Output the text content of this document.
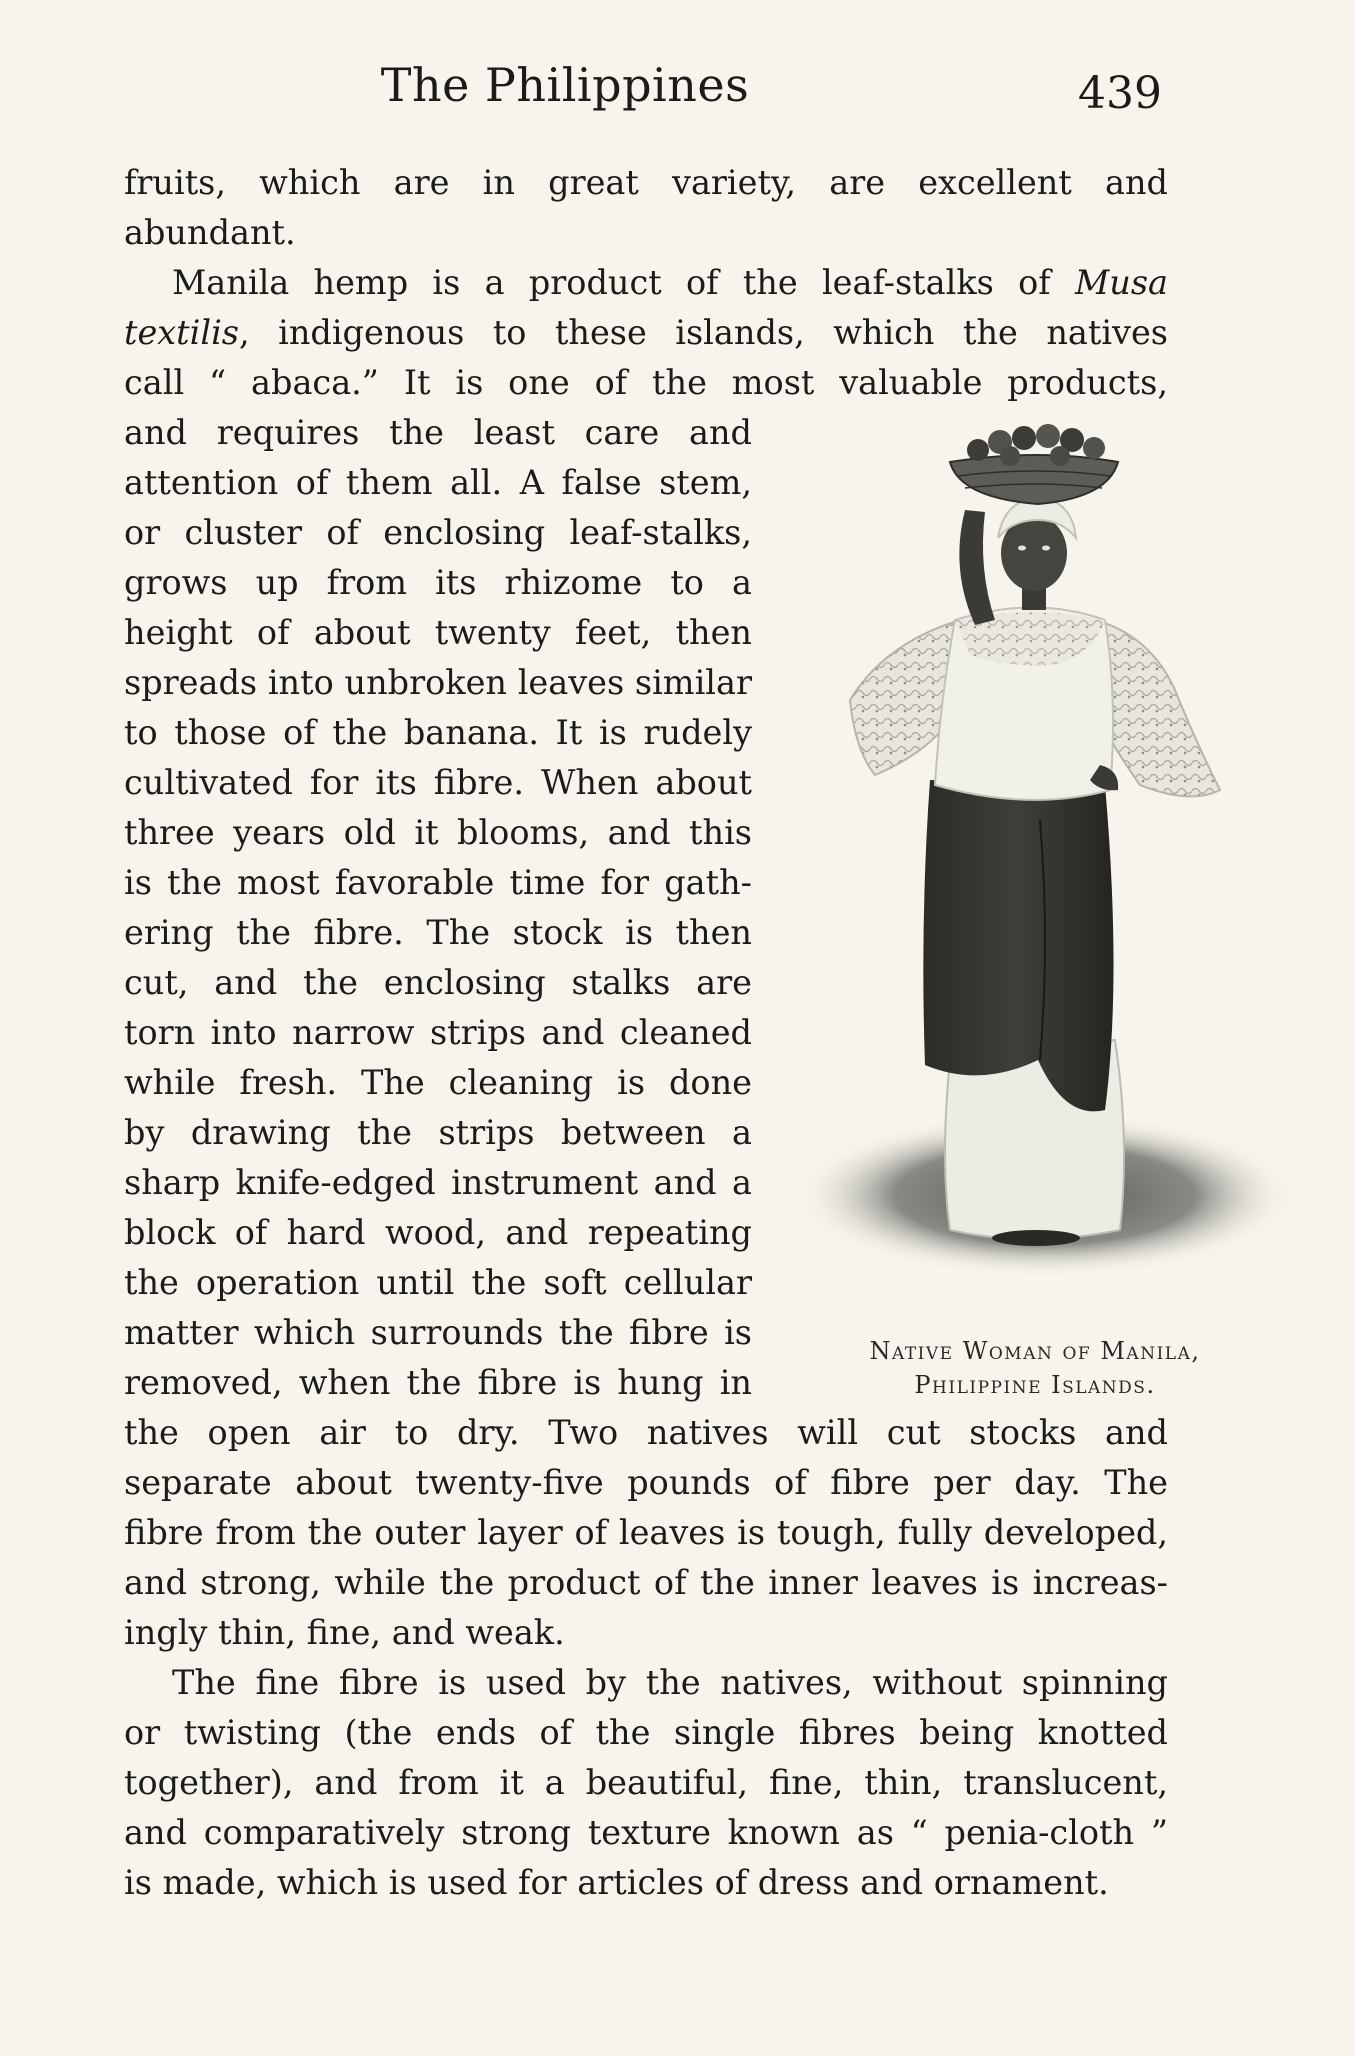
The Philippines	439
fruits, which are in great variety, are excellent and
abundant.
Manila hemp is a product of the leaf-stalks of Musa
textilis, indigenous to these islands, which the natives
call “ abaca.” It is one of the most valuable products,
and requires the least care and
attention of them all. A false stem,
or cluster of enclosing leaf-stalks,
grows up from its rhizome to a
height of about twenty feet, then
spreads into unbroken leaves similar
to those of the banana. It is rudely
cultivated for its fibre. When about
three years old it blooms, and this
is the most favorable time for gath-
ering the fibre. The stock is then
cut, and the enclosing stalks are
torn into narrow strips and cleaned
while fresh. The cleaning is done
by drawing the strips between a
sharp knife-edged instrument and a
block of hard wood, and repeating
the operation until the soft cellular
matter which surrounds the fibre is
removed, when the fibre is hung in
the open air to dry. Two natives will cut stocks and
separate about twenty-five pounds of fibre per day. The
fibre from the outer layer of leaves is tough, fully developed,
and strong, while the product of the inner leaves is increas-
ingly thin, fine, and weak.
The fine fibre is used by the natives, without spinning
or twisting (the ends of the single fibres being knotted
together), and from it a beautiful, fine, thin, translucent,
and comparatively strong texture known as “ penia-cloth ”
is made, which is used for articles of dress and ornament.
Native Woman of Manila,
Philippine Islands.
